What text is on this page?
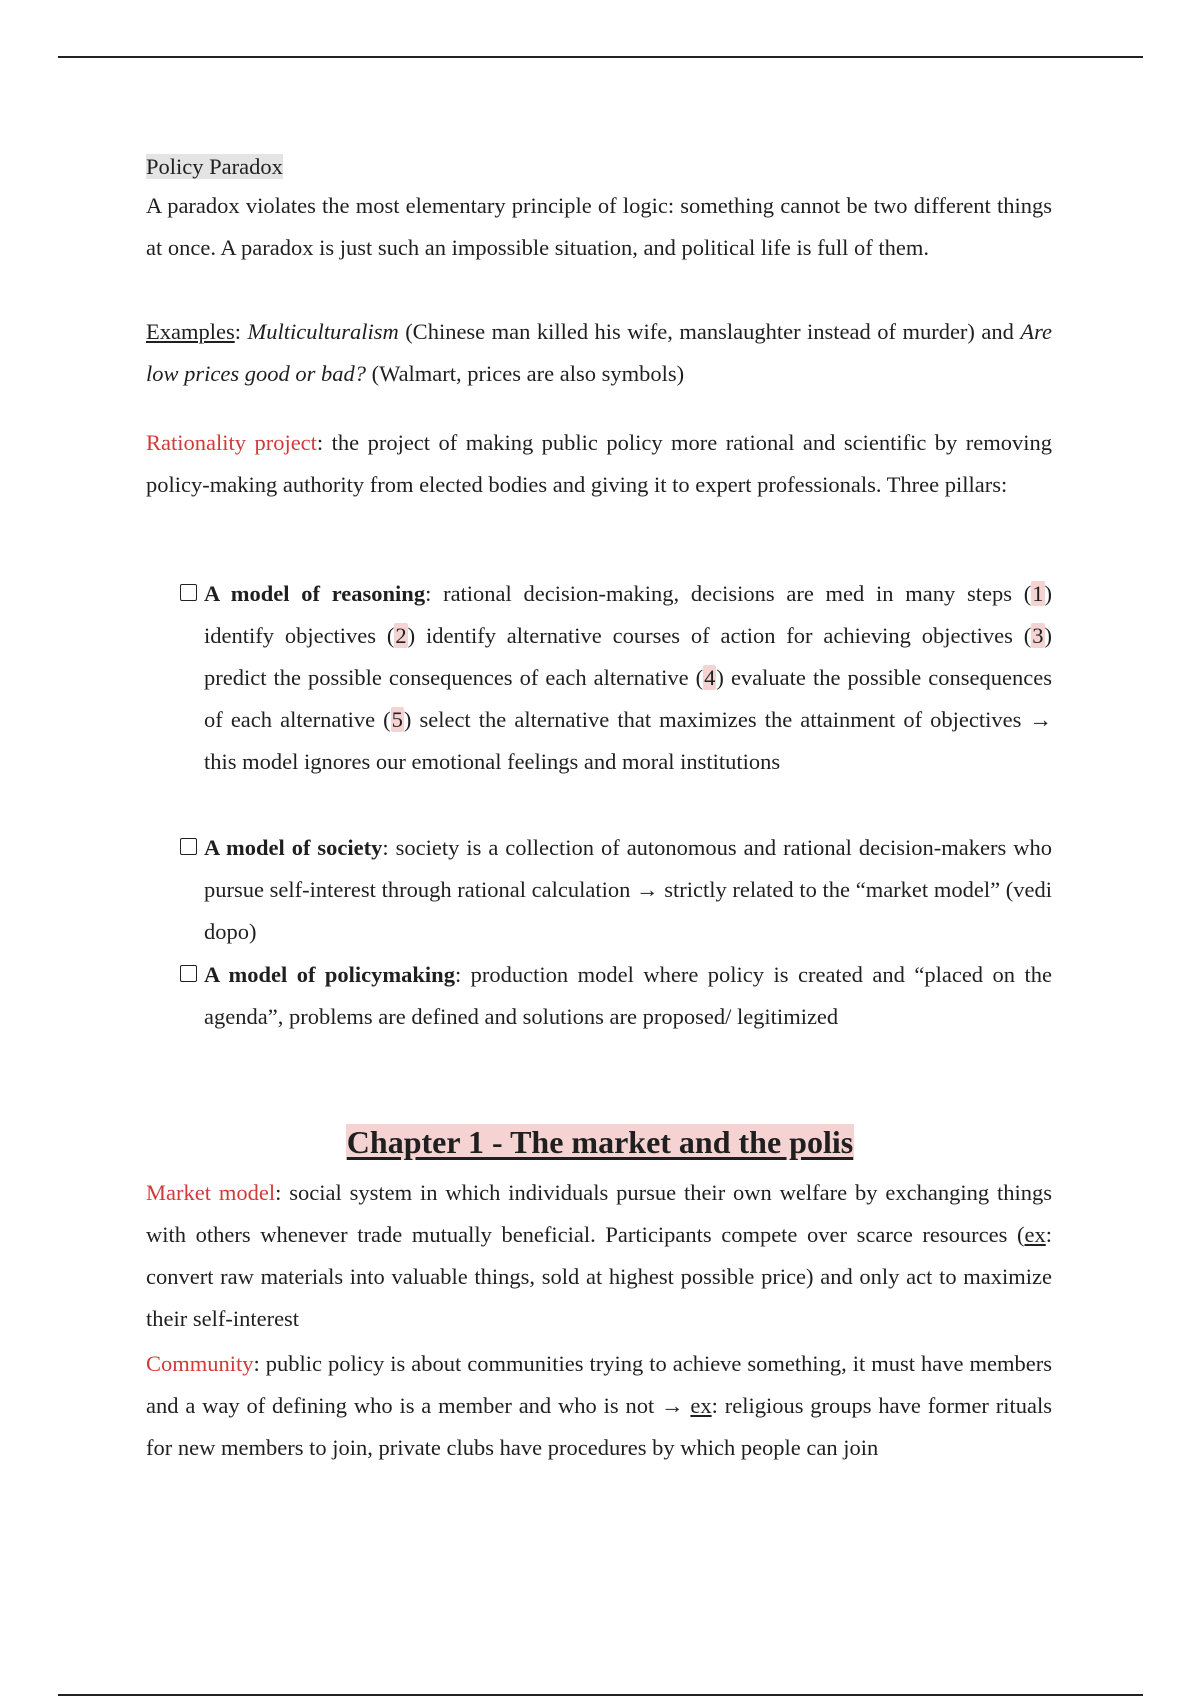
Policy Paradox
A paradox violates the most elementary principle of logic: something cannot be two different things at once. A paradox is just such an impossible situation, and political life is full of them.
Examples: Multiculturalism (Chinese man killed his wife, manslaughter instead of murder) and Are low prices good or bad? (Walmart, prices are also symbols)
Rationality project: the project of making public policy more rational and scientific by removing policy-making authority from elected bodies and giving it to expert professionals. Three pillars:
A model of reasoning: rational decision-making, decisions are med in many steps (1) identify objectives (2) identify alternative courses of action for achieving objectives (3) predict the possible consequences of each alternative (4) evaluate the possible consequences of each alternative (5) select the alternative that maximizes the attainment of objectives → this model ignores our emotional feelings and moral institutions
A model of society: society is a collection of autonomous and rational decision-makers who pursue self-interest through rational calculation → strictly related to the “market model” (vedi dopo)
A model of policymaking: production model where policy is created and “placed on the agenda”, problems are defined and solutions are proposed/ legitimized
Chapter 1 - The market and the polis
Market model: social system in which individuals pursue their own welfare by exchanging things with others whenever trade mutually beneficial. Participants compete over scarce resources (ex: convert raw materials into valuable things, sold at highest possible price) and only act to maximize their self-interest
Community: public policy is about communities trying to achieve something, it must have members and a way of defining who is a member and who is not → ex: religious groups have former rituals for new members to join, private clubs have procedures by which people can join
